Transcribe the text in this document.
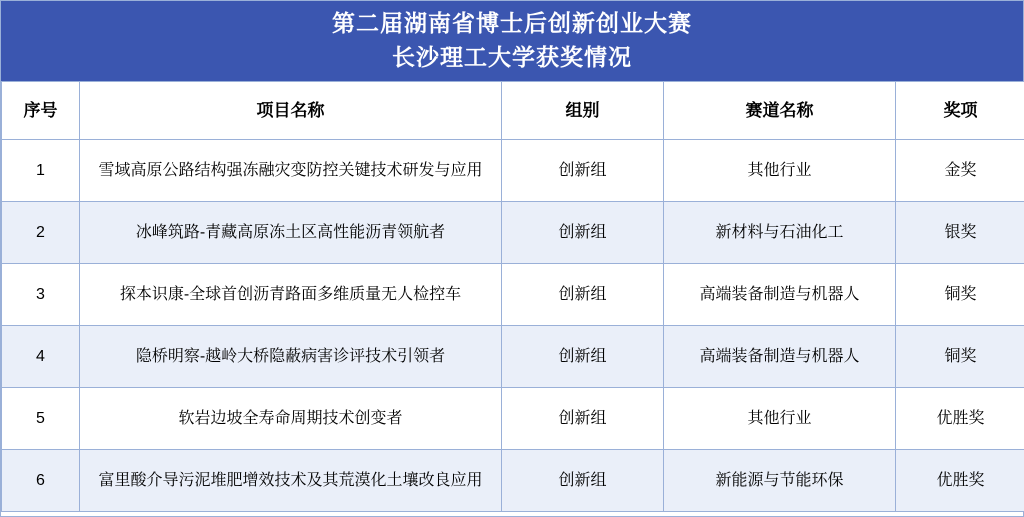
第二届湖南省博士后创新创业大赛
长沙理工大学获奖情况
序号	项目名称	组别	赛道名称	奖项
1	雪域高原公路结构强冻融灾变防控关键技术研发与应用	创新组	其他行业	金奖
2	冰峰筑路-青藏高原冻土区高性能沥青领航者	创新组	新材料与石油化工	银奖
3	探本识康-全球首创沥青路面多维质量无人检控车	创新组	高端装备制造与机器人	铜奖
4	隐桥明察-越岭大桥隐蔽病害诊评技术引领者	创新组	高端装备制造与机器人	铜奖
5	软岩边坡全寿命周期技术创变者	创新组	其他行业	优胜奖
6	富里酸介导污泥堆肥增效技术及其荒漠化土壤改良应用	创新组	新能源与节能环保	优胜奖
